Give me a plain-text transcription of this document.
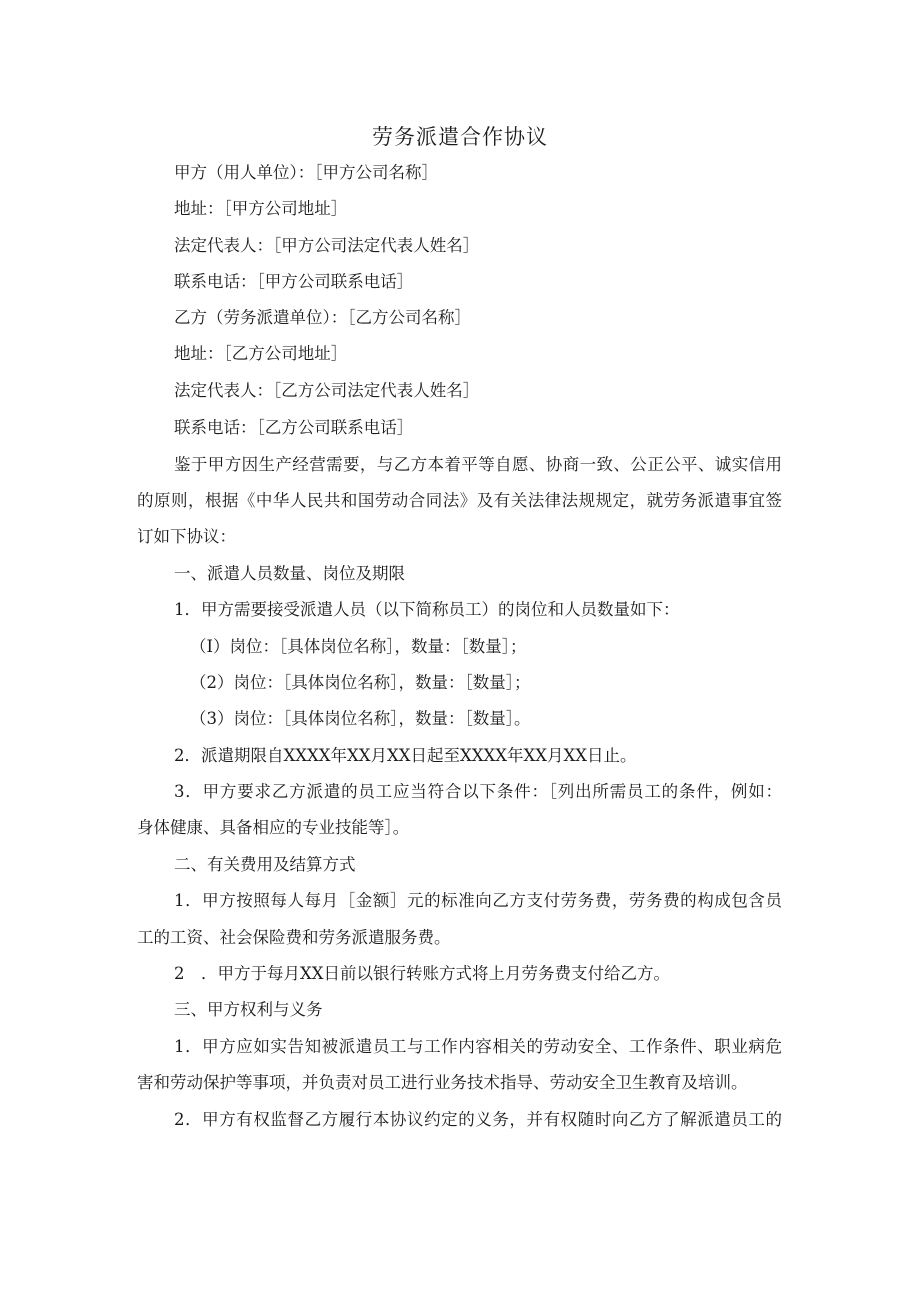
劳务派遣合作协议
甲方（用人单位）：［甲方公司名称］
地址：［甲方公司地址］
法定代表人：［甲方公司法定代表人姓名］
联系电话：［甲方公司联系电话］
乙方（劳务派遣单位）：［乙方公司名称］
地址：［乙方公司地址］
法定代表人：［乙方公司法定代表人姓名］
联系电话：［乙方公司联系电话］
鉴于甲方因生产经营需要，与乙方本着平等自愿、协商一致、公正公平、诚实信用
的原则，根据《中华人民共和国劳动合同法》及有关法律法规规定，就劳务派遣事宜签
订如下协议：
一、派遣人员数量、岗位及期限
1．甲方需要接受派遣人员（以下简称员工）的岗位和人员数量如下：
（I）岗位：［具体岗位名称］，数量：［数量］；
（2）岗位：［具体岗位名称］，数量：［数量］；
（3）岗位：［具体岗位名称］，数量：［数量］。
2．派遣期限自XXXX年XX月XX日起至XXXX年XX月XX日止。
3．甲方要求乙方派遣的员工应当符合以下条件：［列出所需员工的条件，例如：
身体健康、具备相应的专业技能等］。
二、有关费用及结算方式
1．甲方按照每人每月［金额］元的标准向乙方支付劳务费，劳务费的构成包含员
工的工资、社会保险费和劳务派遣服务费。
2　．甲方于每月XX日前以银行转账方式将上月劳务费支付给乙方。
三、甲方权利与义务
1．甲方应如实告知被派遣员工与工作内容相关的劳动安全、工作条件、职业病危
害和劳动保护等事项，并负责对员工进行业务技术指导、劳动安全卫生教育及培训。
2．甲方有权监督乙方履行本协议约定的义务，并有权随时向乙方了解派遣员工的
